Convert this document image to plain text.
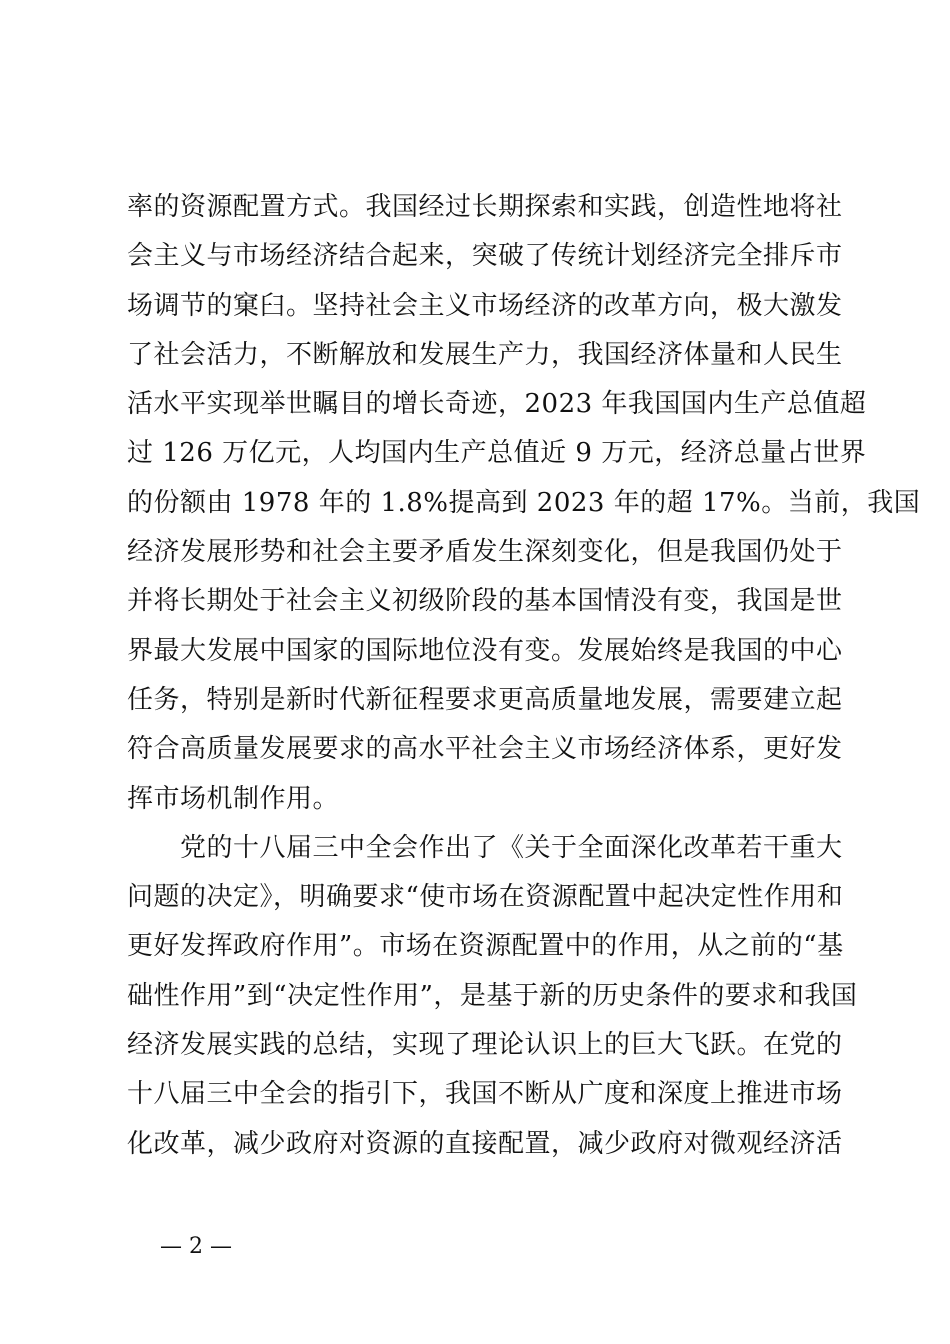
率的资源配置方式。我国经过长期探索和实践，创造性地将社
会主义与市场经济结合起来，突破了传统计划经济完全排斥市
场调节的窠臼。坚持社会主义市场经济的改革方向，极大激发
了社会活力，不断解放和发展生产力，我国经济体量和人民生
活水平实现举世瞩目的增长奇迹，2023 年我国国内生产总值超
过 126 万亿元，人均国内生产总值近 9 万元，经济总量占世界
的份额由 1978 年的 1.8%提高到 2023 年的超 17%。当前，我国
经济发展形势和社会主要矛盾发生深刻变化，但是我国仍处于
并将长期处于社会主义初级阶段的基本国情没有变，我国是世
界最大发展中国家的国际地位没有变。发展始终是我国的中心
任务，特别是新时代新征程要求更高质量地发展，需要建立起
符合高质量发展要求的高水平社会主义市场经济体系，更好发
挥市场机制作用。
　　党的十八届三中全会作出了《关于全面深化改革若干重大
问题的决定》，明确要求“使市场在资源配置中起决定性作用和
更好发挥政府作用”。市场在资源配置中的作用，从之前的“基
础性作用”到“决定性作用”，是基于新的历史条件的要求和我国
经济发展实践的总结，实现了理论认识上的巨大飞跃。在党的
十八届三中全会的指引下，我国不断从广度和深度上推进市场
化改革，减少政府对资源的直接配置，减少政府对微观经济活
— 2 —
